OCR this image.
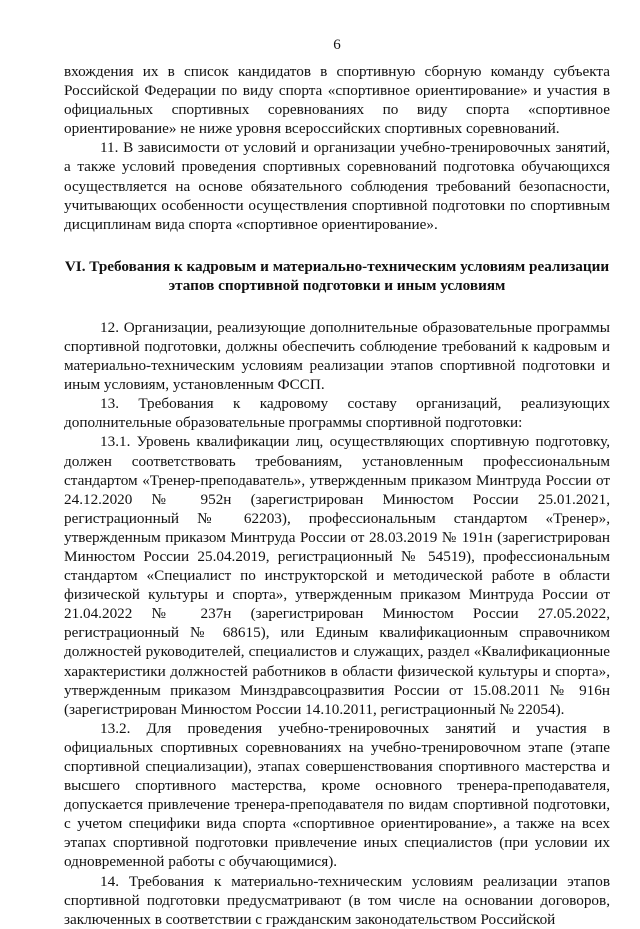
6

вхождения их в список кандидатов в спортивную сборную команду субъекта Российской Федерации по виду спорта «спортивное ориентирование» и участия в официальных спортивных соревнованиях по виду спорта «спортивное ориентирование» не ниже уровня всероссийских спортивных соревнований.

11. В зависимости от условий и организации учебно-тренировочных занятий, а также условий проведения спортивных соревнований подготовка обучающихся осуществляется на основе обязательного соблюдения требований безопасности, учитывающих особенности осуществления спортивной подготовки по спортивным дисциплинам вида спорта «спортивное ориентирование».

VI. Требования к кадровым и материально-техническим условиям реализации этапов спортивной подготовки и иным условиям

12. Организации, реализующие дополнительные образовательные программы спортивной подготовки, должны обеспечить соблюдение требований к кадровым и материально-техническим условиям реализации этапов спортивной подготовки и иным условиям, установленным ФССП.

13. Требования к кадровому составу организаций, реализующих дополнительные образовательные программы спортивной подготовки:

13.1. Уровень квалификации лиц, осуществляющих спортивную подготовку, должен соответствовать требованиям, установленным профессиональным стандартом «Тренер-преподаватель», утвержденным приказом Минтруда России от 24.12.2020 № 952н (зарегистрирован Минюстом России 25.01.2021, регистрационный № 62203), профессиональным стандартом «Тренер», утвержденным приказом Минтруда России от 28.03.2019 № 191н (зарегистрирован Минюстом России 25.04.2019, регистрационный № 54519), профессиональным стандартом «Специалист по инструкторской и методической работе в области физической культуры и спорта», утвержденным приказом Минтруда России от 21.04.2022 № 237н (зарегистрирован Минюстом России 27.05.2022, регистрационный № 68615), или Единым квалификационным справочником должностей руководителей, специалистов и служащих, раздел «Квалификационные характеристики должностей работников в области физической культуры и спорта», утвержденным приказом Минздравсоцразвития России от 15.08.2011 № 916н (зарегистрирован Минюстом России 14.10.2011, регистрационный № 22054).

13.2. Для проведения учебно-тренировочных занятий и участия в официальных спортивных соревнованиях на учебно-тренировочном этапе (этапе спортивной специализации), этапах совершенствования спортивного мастерства и высшего спортивного мастерства, кроме основного тренера-преподавателя, допускается привлечение тренера-преподавателя по видам спортивной подготовки, с учетом специфики вида спорта «спортивное ориентирование», а также на всех этапах спортивной подготовки привлечение иных специалистов (при условии их одновременной работы с обучающимися).

14. Требования к материально-техническим условиям реализации этапов спортивной подготовки предусматривают (в том числе на основании договоров, заключенных в соответствии с гражданским законодательством Российской
